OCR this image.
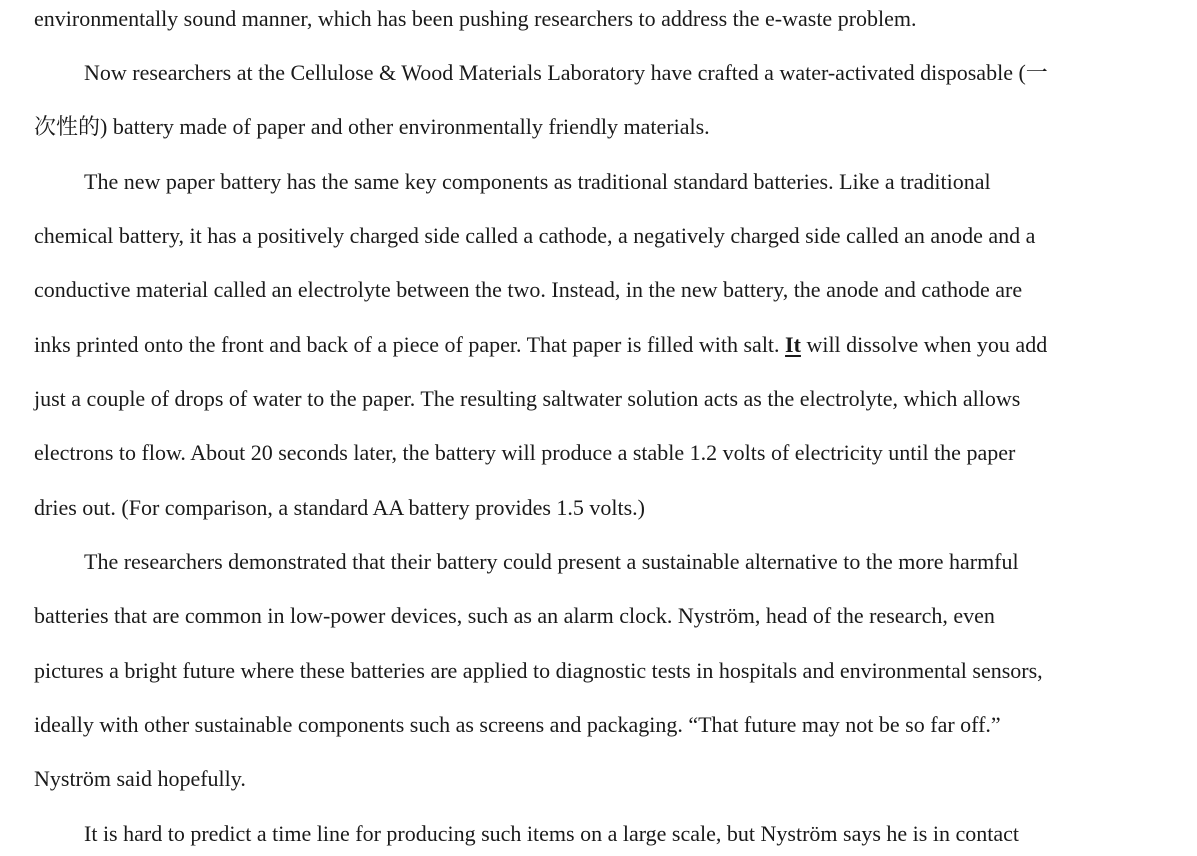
environmentally sound manner, which has been pushing researchers to address the e-waste problem.
Now researchers at the Cellulose & Wood Materials Laboratory have crafted a water-activated disposable (一
次性的) battery made of paper and other environmentally friendly materials.
The new paper battery has the same key components as traditional standard batteries. Like a traditional
chemical battery, it has a positively charged side called a cathode, a negatively charged side called an anode and a
conductive material called an electrolyte between the two. Instead, in the new battery, the anode and cathode are
inks printed onto the front and back of a piece of paper. That paper is filled with salt. It will dissolve when you add
just a couple of drops of water to the paper. The resulting saltwater solution acts as the electrolyte, which allows
electrons to flow. About 20 seconds later, the battery will produce a stable 1.2 volts of electricity until the paper
dries out. (For comparison, a standard AA battery provides 1.5 volts.)
The researchers demonstrated that their battery could present a sustainable alternative to the more harmful
batteries that are common in low-power devices, such as an alarm clock. Nyström, head of the research, even
pictures a bright future where these batteries are applied to diagnostic tests in hospitals and environmental sensors,
ideally with other sustainable components such as screens and packaging. “That future may not be so far off.”
Nyström said hopefully.
It is hard to predict a time line for producing such items on a large scale, but Nyström says he is in contact
